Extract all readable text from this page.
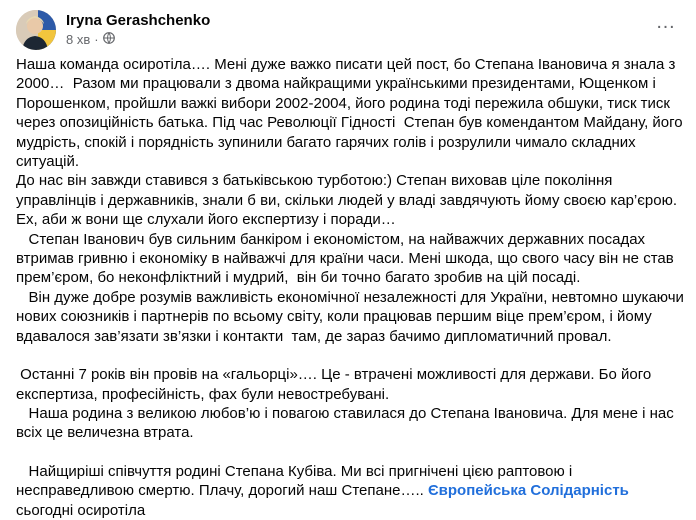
Iryna Gerashchenko
8 хв ·
…

Наша команда осиротіла…. Мені дуже важко писати цей пост, бо Степана Івановича я знала з 2000…  Разом ми працювали з двома найкращими українськими президентами, Ющенком і Порошенком, пройшли важкі вибори 2002-2004, його родина тоді пережила обшуки, тиск тиск через опозиційність батька. Під час Революції Гідності  Степан був комендантом Майдану, його мудрість, спокій і порядність зупинили багато гарячих голів і розрулили чимало складних ситуацій.

До нас він завжди ставився з батьківською турботою:) Степан виховав ціле покоління управлінців і державників, знали б ви, скільки людей у владі завдячують йому своєю кар’єрою. Ех, аби ж вони ще слухали його експертизу і поради…

Степан Іванович був сильним банкіром і економістом, на найважчих державних посадах втримав гривню і економіку в найважчі для країни часи. Мені шкода, що свого часу він не став прем’єром, бо неконфліктний і мудрий,  він би точно багато зробив на цій посаді.

Він дуже добре розумів важливість економічної незалежності для України, невтомно шукаючи нових союзників і партнерів по всьому світу, коли працював першим віце прем’єром, і йому вдавалося зав’язати зв’язки і контакти  там, де зараз бачимо дипломатичний провал.

Останні 7 років він провів на «гальорці»…. Це - втрачені можливості для держави. Бо його експертиза, професійність, фах були невостребувані.

Наша родина з великою любов’ю і повагою ставилася до Степана Івановича. Для мене і нас всіх це величезна втрата.

Найщиріші співчуття родині Степана Кубіва. Ми всі пригнічені цією раптовою і несправедливою смертю. Плачу, дорогий наш Степане….. Європейська Солідарність сьогодні осиротіла
